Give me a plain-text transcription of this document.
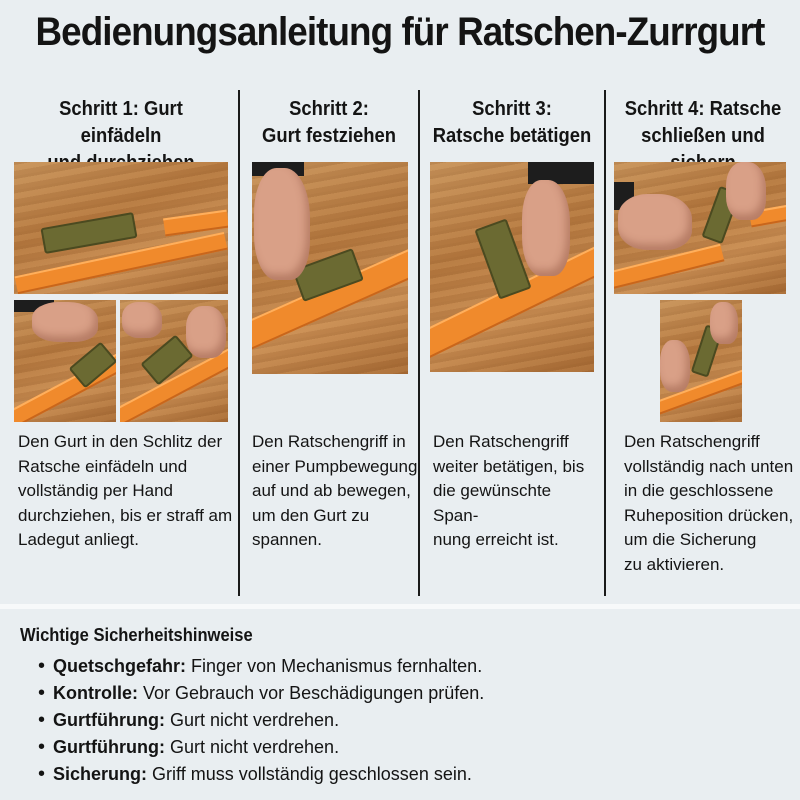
Bedienungsanleitung für Ratschen-Zurrgurt
Schritt 1: Gurt einfädeln
Den Gurt in den Schlitz der
Ratsche einfädeln und
vollständig per Hand
durchziehen, bis er straff am
Ladegut anliegt.
Schritt 2:
Gurt festziehen
Den Ratschengriff in
einer Pumpbewegung
auf und ab bewegen,
um den Gurt zu
spannen.
Schritt 3:
Ratsche betätigen
Den Ratschengriff
weiter betätigen, bis
die gewünschte Span-
nung erreicht ist.
Schritt 4: Ratsche
schließen und
Den Ratschengriff
vollständig nach unten
in die geschlossene
Ruheposition drücken,
um die Sicherung
zu aktivieren.
Wichtige Sicherheitshinweise
• Quetschgefahr: Finger von Mechanismus fernhalten.
• Kontrolle: Vor Gebrauch vor Beschädigungen prüfen.
• Gurtführung: Gurt nicht verdrehen.
• Gurtführung: Gurt nicht verdrehen.
• Sicherung: Griff muss vollständig geschlossen sein.
